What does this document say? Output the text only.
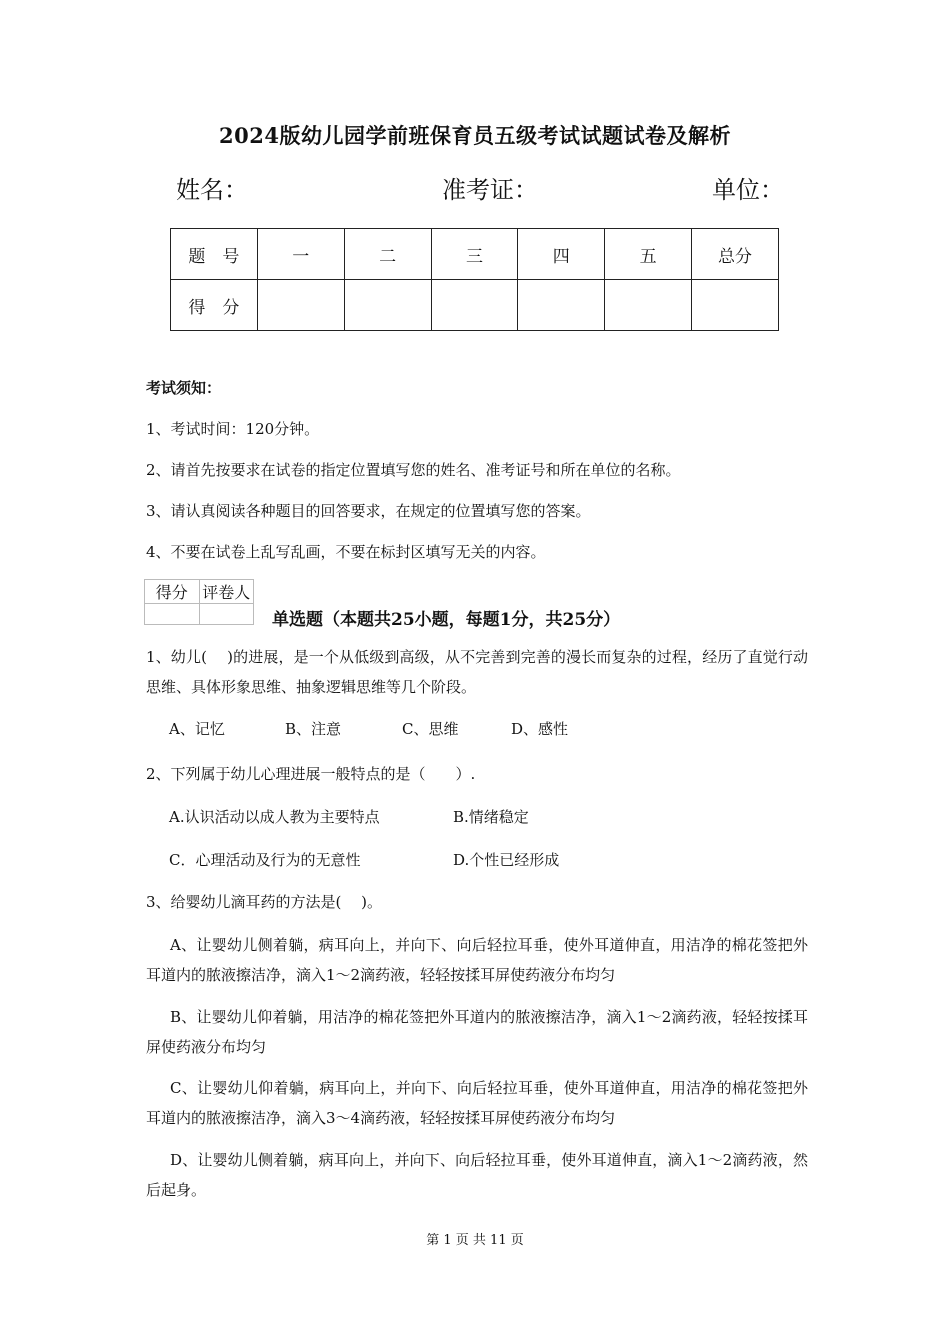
2024版幼儿园学前班保育员五级考试试题试卷及解析
姓名：	准考证：	单位：
题　号	一	二	三	四	五	总分
得　分						
考试须知：
1、考试时间：120分钟。
2、请首先按要求在试卷的指定位置填写您的姓名、准考证号和所在单位的名称。
3、请认真阅读各种题目的回答要求，在规定的位置填写您的答案。
4、不要在试卷上乱写乱画，不要在标封区填写无关的内容。
得分	评卷人

单选题（本题共25小题，每题1分，共25分）
1、幼儿(　 )的进展，是一个从低级到高级，从不完善到完善的漫长而复杂的过程，经历了直觉行动思维、具体形象思维、抽象逻辑思维等几个阶段。
A、记忆	B、注意	C、思维	D、感性
2、下列属于幼儿心理进展一般特点的是（　　）.
A.认识活动以成人教为主要特点	B.情绪稳定
C．心理活动及行为的无意性	D.个性已经形成
3、给婴幼儿滴耳药的方法是(　 )。
A、让婴幼儿侧着躺，病耳向上，并向下、向后轻拉耳垂，使外耳道伸直，用洁净的棉花签把外耳道内的脓液擦洁净，滴入1～2滴药液，轻轻按揉耳屏使药液分布均匀
B、让婴幼儿仰着躺，用洁净的棉花签把外耳道内的脓液擦洁净，滴入1～2滴药液，轻轻按揉耳屏使药液分布均匀
C、让婴幼儿仰着躺，病耳向上，并向下、向后轻拉耳垂，使外耳道伸直，用洁净的棉花签把外耳道内的脓液擦洁净，滴入3～4滴药液，轻轻按揉耳屏使药液分布均匀
D、让婴幼儿侧着躺，病耳向上，并向下、向后轻拉耳垂，使外耳道伸直，滴入1～2滴药液，然后起身。
第 1 页 共 11 页
